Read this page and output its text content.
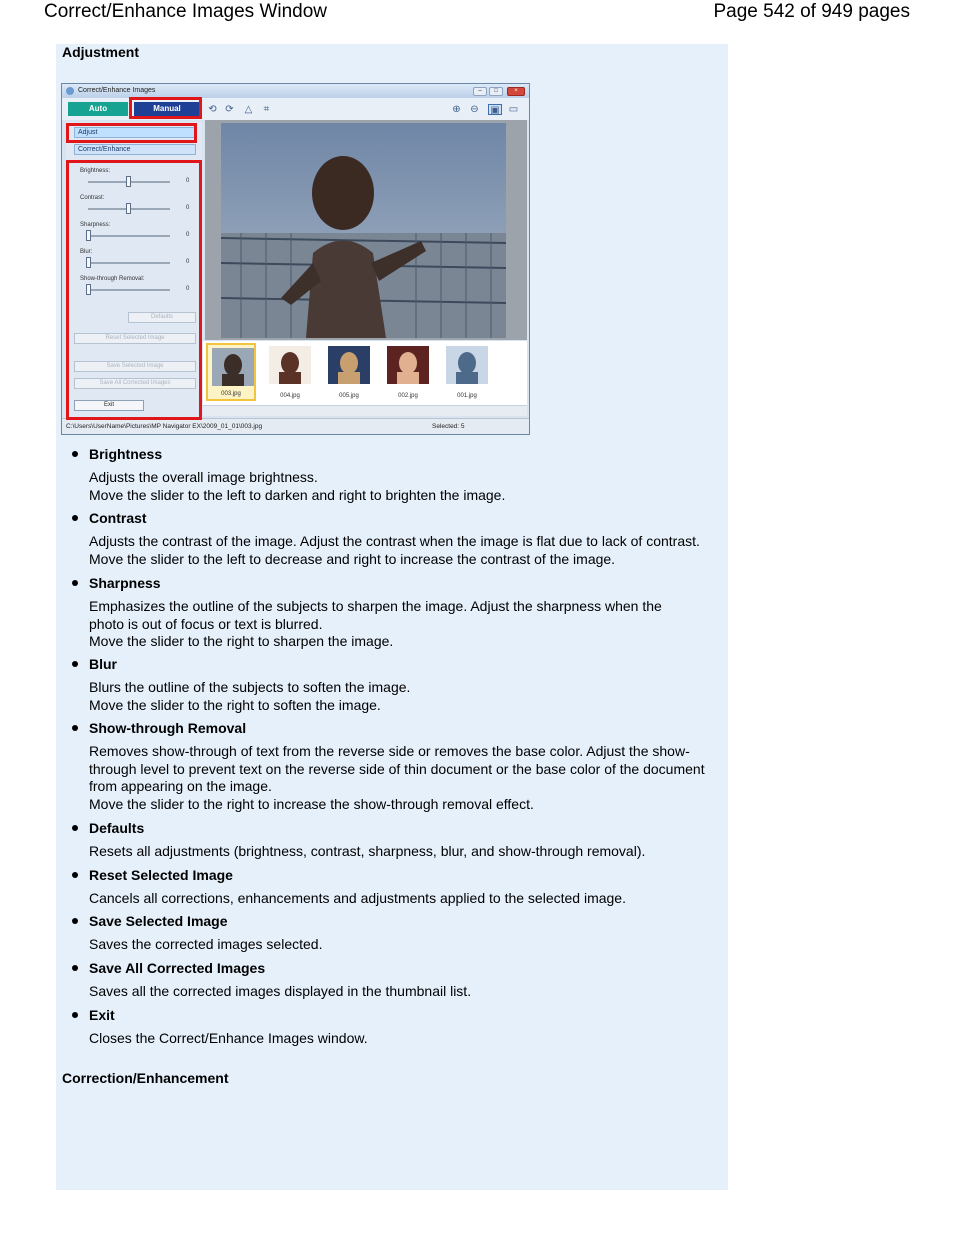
Correct/Enhance Images Window	Page 542 of 949 pages
Adjustment
Correct/Enhance Images	–	□	×
Auto	Manual	⟲ ⟳ △ ⌗	⊕ ⊖ ▣ ▭
Adjust
Correct/Enhance
Brightness:
0
Contrast:
0
Sharpness:
0
Blur:
0
Show-through Removal:
0
Defaults
Reset Selected Image
Save Selected Image
Save All Corrected Images
Exit
003.jpg	004.jpg	005.jpg	002.jpg	001.jpg
C:\Users\UserName\Pictures\MP Navigator EX\2009_01_01\003.jpg	Selected: 5
Brightness
Adjusts the overall image brightness.
Move the slider to the left to darken and right to brighten the image.
Contrast
Adjusts the contrast of the image. Adjust the contrast when the image is flat due to lack of contrast.
Move the slider to the left to decrease and right to increase the contrast of the image.
Sharpness
Emphasizes the outline of the subjects to sharpen the image. Adjust the sharpness when the
photo is out of focus or text is blurred.
Move the slider to the right to sharpen the image.
Blur
Blurs the outline of the subjects to soften the image.
Move the slider to the right to soften the image.
Show-through Removal
Removes show-through of text from the reverse side or removes the base color. Adjust the show-
through level to prevent text on the reverse side of thin document or the base color of the document
from appearing on the image.
Move the slider to the right to increase the show-through removal effect.
Defaults
Resets all adjustments (brightness, contrast, sharpness, blur, and show-through removal).
Reset Selected Image
Cancels all corrections, enhancements and adjustments applied to the selected image.
Save Selected Image
Saves the corrected images selected.
Save All Corrected Images
Saves all the corrected images displayed in the thumbnail list.
Exit
Closes the Correct/Enhance Images window.
Correction/Enhancement
